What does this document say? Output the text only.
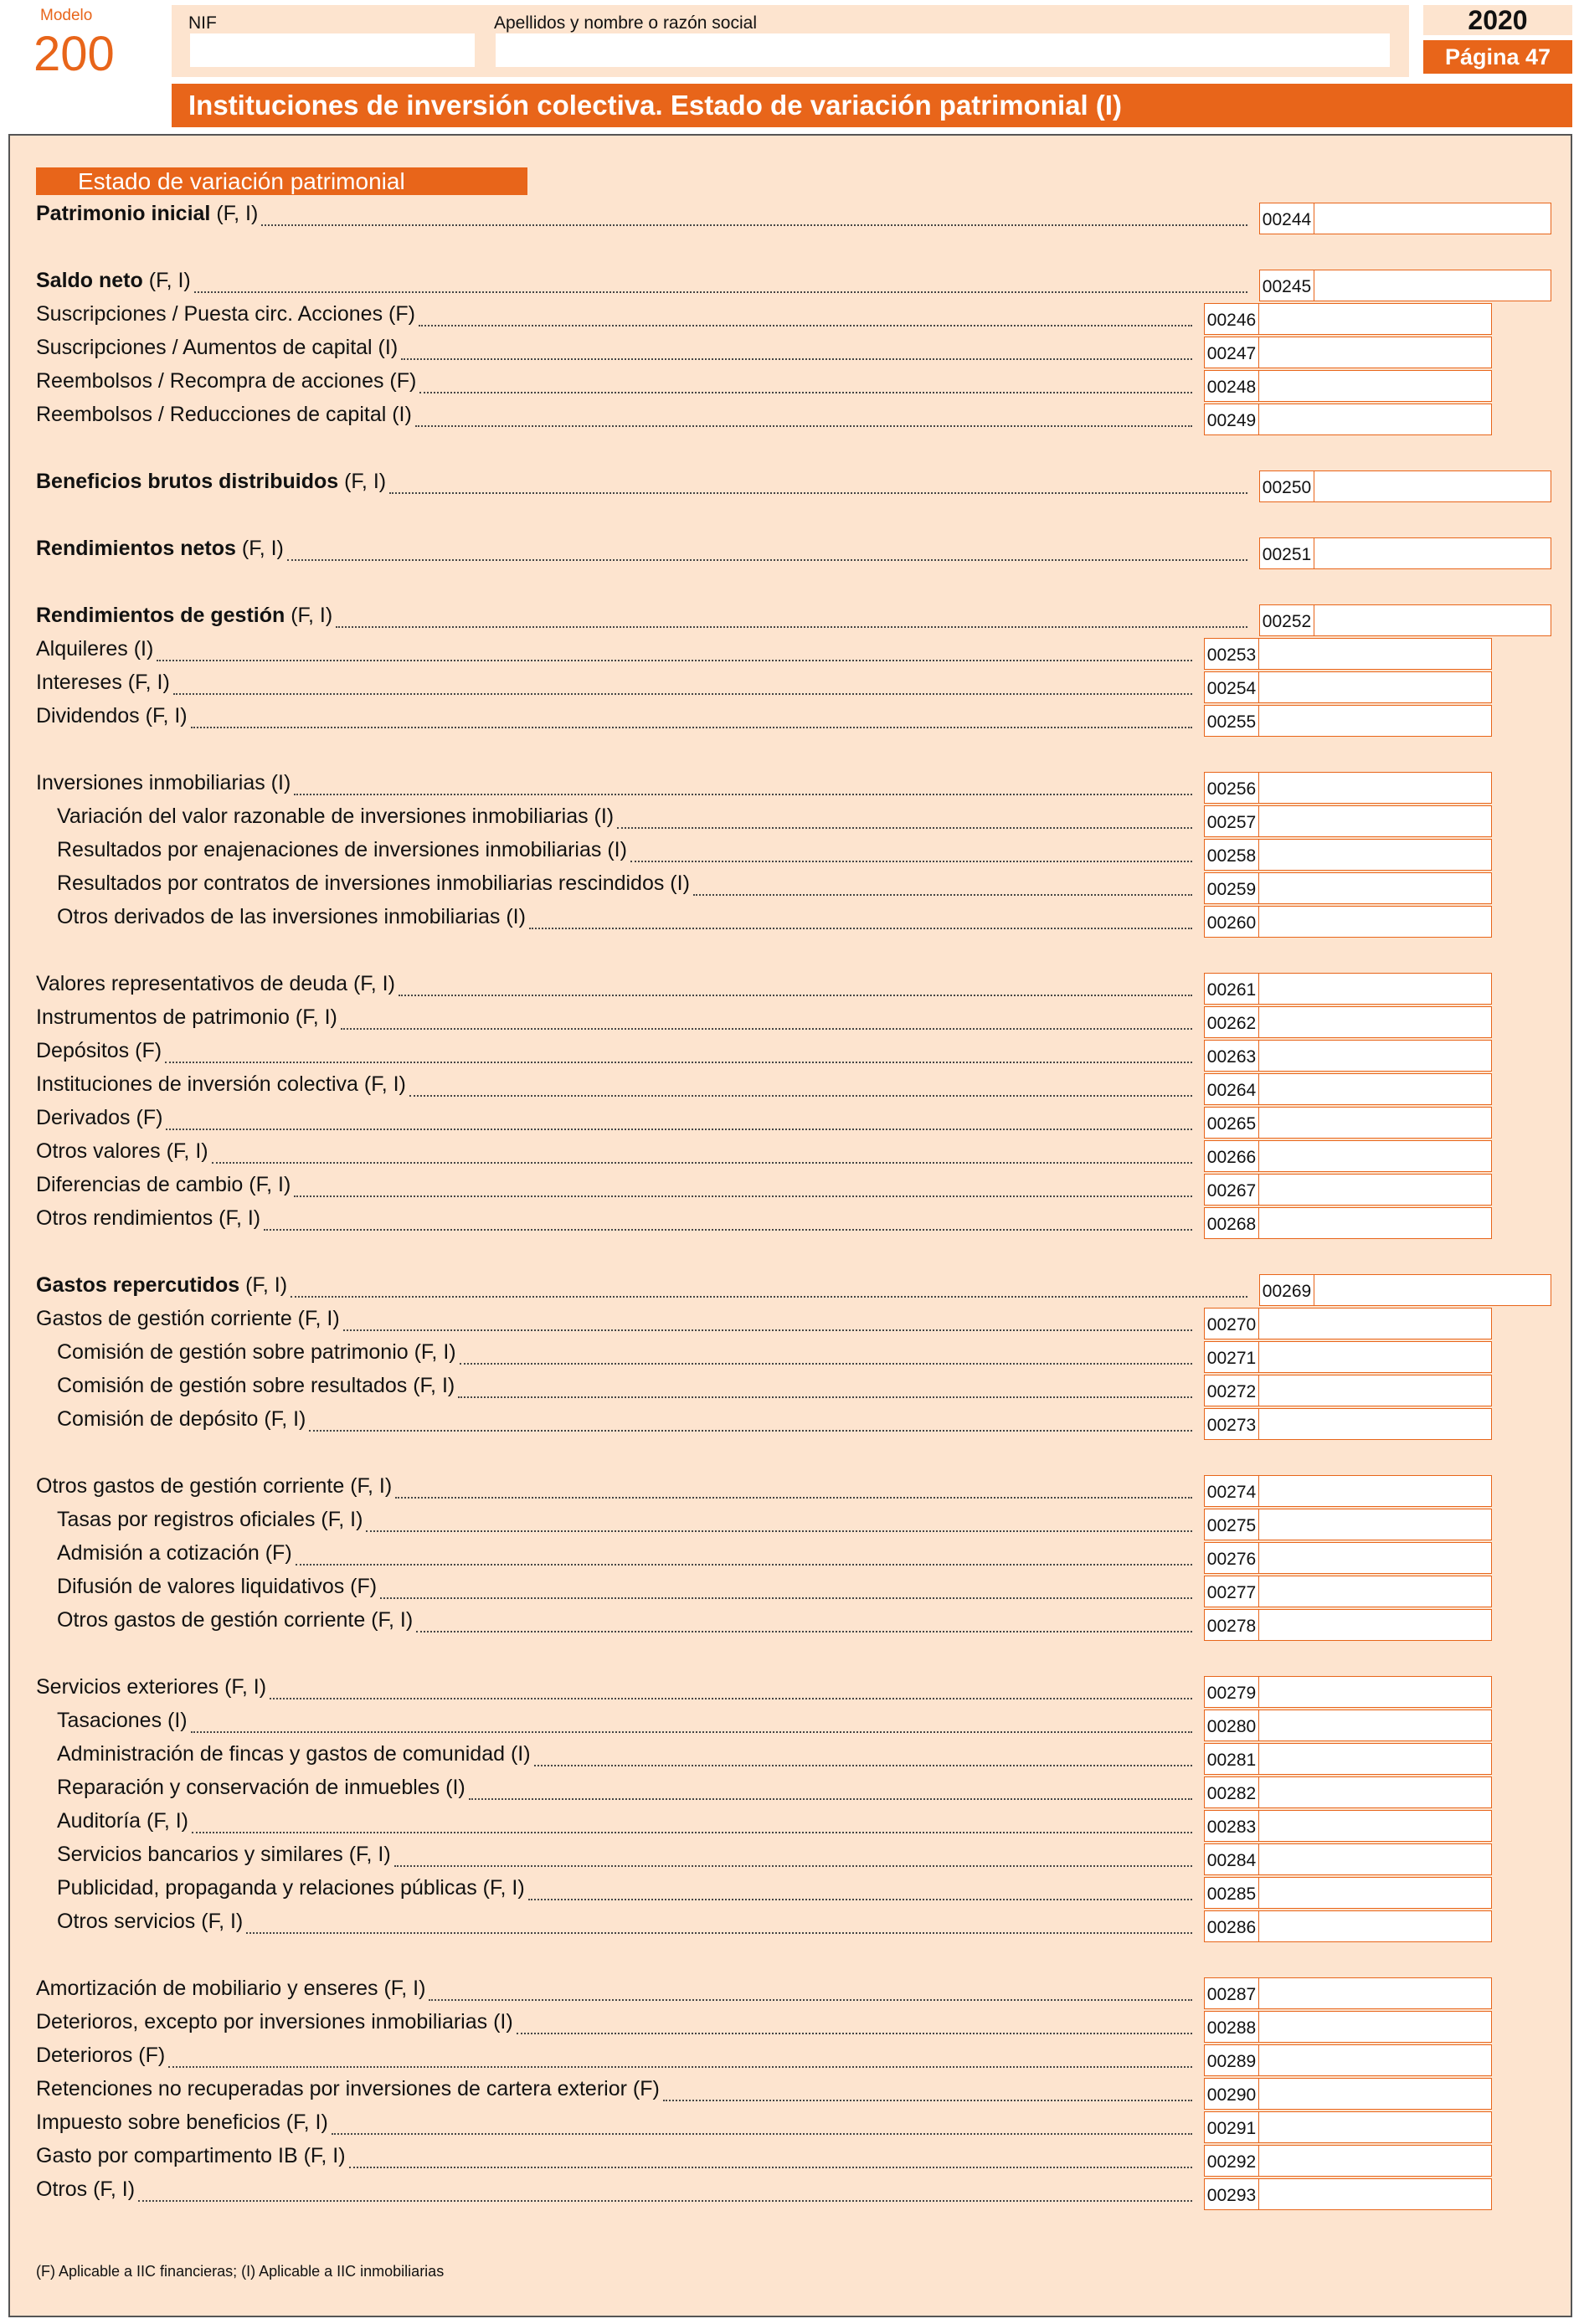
Modelo
200
NIF	Apellidos y nombre o razón social	2020
Página 47
Instituciones de inversión colectiva. Estado de variación patrimonial (I)
Estado de variación patrimonial
Patrimonio inicial (F, I)	00244
Saldo neto (F, I)	00245
Suscripciones / Puesta circ. Acciones (F)	00246
Suscripciones / Aumentos de capital (I)	00247
Reembolsos / Recompra de acciones (F)	00248
Reembolsos / Reducciones de capital (I)	00249
Beneficios brutos distribuidos (F, I)	00250
Rendimientos netos (F, I)	00251
Rendimientos de gestión (F, I)	00252
Alquileres (I)	00253
Intereses (F, I)	00254
Dividendos (F, I)	00255
Inversiones inmobiliarias (I)	00256
Variación del valor razonable de inversiones inmobiliarias (I)	00257
Resultados por enajenaciones de inversiones inmobiliarias (I)	00258
Resultados por contratos de inversiones inmobiliarias rescindidos (I)	00259
Otros derivados de las inversiones inmobiliarias (I)	00260
Valores representativos de deuda (F, I)	00261
Instrumentos de patrimonio (F, I)	00262
Depósitos (F)	00263
Instituciones de inversión colectiva (F, I)	00264
Derivados (F)	00265
Otros valores (F, I)	00266
Diferencias de cambio (F, I)	00267
Otros rendimientos (F, I)	00268
Gastos repercutidos (F, I)	00269
Gastos de gestión corriente (F, I)	00270
Comisión de gestión sobre patrimonio (F, I)	00271
Comisión de gestión sobre resultados (F, I)	00272
Comisión de depósito (F, I)	00273
Otros gastos de gestión corriente (F, I)	00274
Tasas por registros oficiales (F, I)	00275
Admisión a cotización (F)	00276
Difusión de valores liquidativos (F)	00277
Otros gastos de gestión corriente (F, I)	00278
Servicios exteriores (F, I)	00279
Tasaciones (I)	00280
Administración de fincas y gastos de comunidad (I)	00281
Reparación y conservación de inmuebles (I)	00282
Auditoría (F, I)	00283
Servicios bancarios y similares (F, I)	00284
Publicidad, propaganda y relaciones públicas (F, I)	00285
Otros servicios (F, I)	00286
Amortización de mobiliario y enseres (F, I)	00287
Deterioros, excepto por inversiones inmobiliarias (I)	00288
Deterioros (F)	00289
Retenciones no recuperadas por inversiones de cartera exterior (F)	00290
Impuesto sobre beneficios (F, I)	00291
Gasto por compartimento IB (F, I)	00292
Otros (F, I)	00293
(F) Aplicable a IIC financieras; (I) Aplicable a IIC inmobiliarias
